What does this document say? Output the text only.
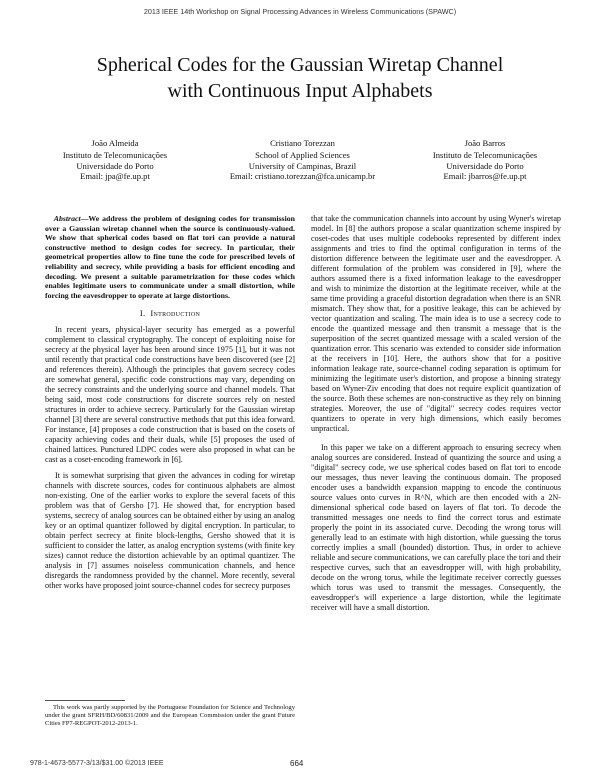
2013 IEEE 14th Workshop on Signal Processing Advances in Wireless Communications (SPAWC)
Spherical Codes for the Gaussian Wiretap Channel
with Continuous Input Alphabets
João Almeida
Instituto de Telecomunicações
Universidade do Porto
Email: jpa@fe.up.pt
Cristiano Torezzan
School of Applied Sciences
University of Campinas, Brazil
Email: cristiano.torezzan@fca.unicamp.br
João Barros
Instituto de Telecomunicações
Universidade do Porto
Email: jbarros@fe.up.pt
Abstract—We address the problem of designing codes for transmission over a Gaussian wiretap channel when the source is continuously-valued. We show that spherical codes based on flat tori can provide a natural constructive method to design codes for secrecy. In particular, their geometrical properties allow to fine tune the code for prescribed levels of reliability and secrecy, while providing a basis for efficient encoding and decoding. We present a suitable parametrization for these codes which enables legitimate users to communicate under a small distortion, while forcing the eavesdropper to operate at large distortions.
I. Introduction

In recent years, physical-layer security has emerged as a powerful complement to classical cryptography. The concept of exploiting noise for secrecy at the physical layer has been around since 1975 [1], but it was not until recently that practical code constructions have been discovered (see [2] and references therein). Although the principles that govern secrecy codes are somewhat general, specific code constructions may vary, depending on the secrecy constraints and the underlying source and channel models. That being said, most code constructions for discrete sources rely on nested structures in order to achieve secrecy. Particularly for the Gaussian wiretap channel [3] there are several constructive methods that put this idea forward. For instance, [4] proposes a code construction that is based on the cosets of capacity achieving codes and their duals, while [5] proposes the used of chained lattices. Punctured LDPC codes were also proposed in what can be cast as a coset-encoding framework in [6].

It is somewhat surprising that given the advances in coding for wiretap channels with discrete sources, codes for continuous alphabets are almost non-existing. One of the earlier works to explore the several facets of this problem was that of Gersho [7]. He showed that, for encryption based systems, secrecy of analog sources can be obtained either by using an analog key or an optimal quantizer followed by digital encryption. In particular, to obtain perfect secrecy at finite block-lengths, Gersho showed that it is sufficient to consider the latter, as analog encryption systems (with finite key sizes) cannot reduce the distortion achievable by an optimal quantizer. The analysis in [7] assumes noiseless communication channels, and hence disregards the randomness provided by the channel. More recently, several other works have proposed joint source-channel codes for secrecy purposes

that take the communication channels into account by using Wyner's wiretap model. In [8] the authors propose a scalar quantization scheme inspired by coset-codes that uses multiple codebooks represented by different index assignments and tries to find the optimal configuration in terms of the distortion difference between the legitimate user and the eavesdropper. A different formulation of the problem was considered in [9], where the authors assumed there is a fixed information leakage to the eavesdropper and wish to minimize the distortion at the legitimate receiver, while at the same time providing a graceful distortion degradation when there is an SNR mismatch. They show that, for a positive leakage, this can be achieved by vector quantization and scaling. The main idea is to use a secrecy code to encode the quantized message and then transmit a message that is the superposition of the secret quantized message with a scaled version of the quantization error. This scenario was extended to consider side information at the receivers in [10]. Here, the authors show that for a positive information leakage rate, source-channel coding separation is optimum for minimizing the legitimate user's distortion, and propose a binning strategy based on Wyner-Ziv encoding that does not require explicit quantization of the source. Both these schemes are non-constructive as they rely on binning strategies. Moreover, the use of "digital" secrecy codes requires vector quantizers to operate in very high dimensions, which easily becomes unpractical.

In this paper we take on a different approach to ensuring secrecy when analog sources are considered. Instead of quantizing the source and using a "digital" secrecy code, we use spherical codes based on flat tori to encode our messages, thus never leaving the continuous domain. The proposed encoder uses a bandwidth expansion mapping to encode the continuous source values onto curves in ℝ^N, which are then encoded with a 2N-dimensional spherical code based on layers of flat tori. To decode the transmitted messages one needs to find the correct torus and estimate properly the point in its associated curve. Decoding the wrong torus will generally lead to an estimate with high distortion, while guessing the torus correctly implies a small (bounded) distortion. Thus, in order to achieve reliable and secure communications, we can carefully place the tori and their respective curves, such that an eavesdropper will, with high probability, decode on the wrong torus, while the legitimate receiver correctly guesses which torus was used to transmit the messages. Consequently, the eavesdropper's will experience a large distortion, while the legitimate receiver will have a small distortion.

This work was partly supported by the Portuguese Foundation for Science and Technology under the grant SFRH/BD/60831/2009 and the European Commission under the grant Future Cities FP7-REGPOT-2012-2013-1.
978-1-4673-5577-3/13/$31.00 ©2013 IEEE	664
